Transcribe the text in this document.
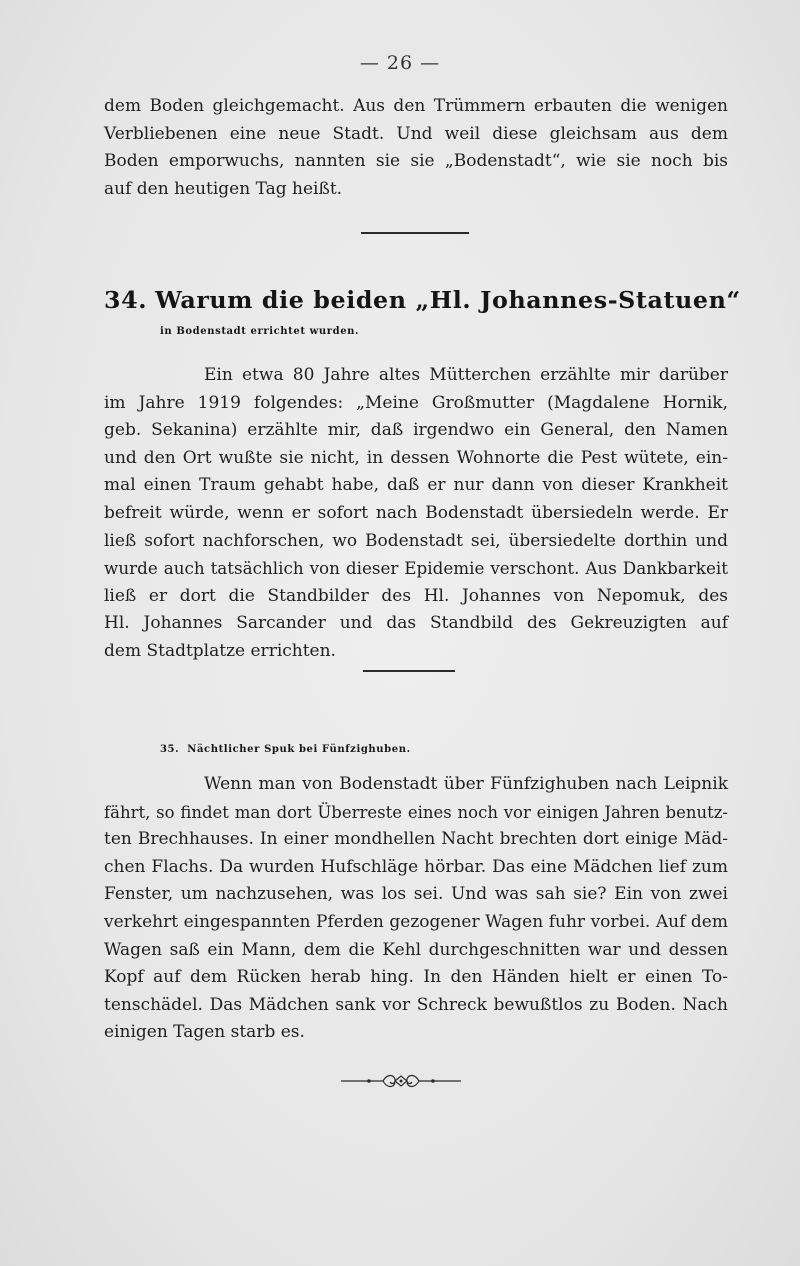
— 26 —

dem Boden gleichgemacht. Aus den Trümmern erbauten die wenigen

Verbliebenen eine neue Stadt. Und weil diese gleichsam aus dem

Boden emporwuchs, nannten sie sie „Bodenstadt“, wie sie noch bis

auf den heutigen Tag heißt.

34. Warum die beiden „Hl. Johannes-Statuen“
in Bodenstadt errichtet wurden.

Ein etwa 80 Jahre altes Mütterchen erzählte mir darüber

im Jahre 1919 folgendes: „Meine Großmutter (Magdalene Hornik,

geb. Sekanina) erzählte mir, daß irgendwo ein General, den Namen

und den Ort wußte sie nicht, in dessen Wohnorte die Pest wütete, ein-

mal einen Traum gehabt habe, daß er nur dann von dieser Krankheit

befreit würde, wenn er sofort nach Bodenstadt übersiedeln werde. Er

ließ sofort nachforschen, wo Bodenstadt sei, übersiedelte dorthin und

wurde auch tatsächlich von dieser Epidemie verschont. Aus Dankbarkeit

ließ er dort die Standbilder des Hl. Johannes von Nepomuk, des

Hl. Johannes Sarcander und das Standbild des Gekreuzigten auf

dem Stadtplatze errichten.

35. Nächtlicher Spuk bei Fünfzighuben.

Wenn man von Bodenstadt über Fünfzighuben nach Leipnik

fährt, so findet man dort Überreste eines noch vor einigen Jahren benutz-

ten Brechhauses. In einer mondhellen Nacht brechten dort einige Mäd-

chen Flachs. Da wurden Hufschläge hörbar. Das eine Mädchen lief zum

Fenster, um nachzusehen, was los sei. Und was sah sie? Ein von zwei

verkehrt eingespannten Pferden gezogener Wagen fuhr vorbei. Auf dem

Wagen saß ein Mann, dem die Kehl durchgeschnitten war und dessen

Kopf auf dem Rücken herab hing. In den Händen hielt er einen To-

tenschädel. Das Mädchen sank vor Schreck bewußtlos zu Boden. Nach

einigen Tagen starb es.
